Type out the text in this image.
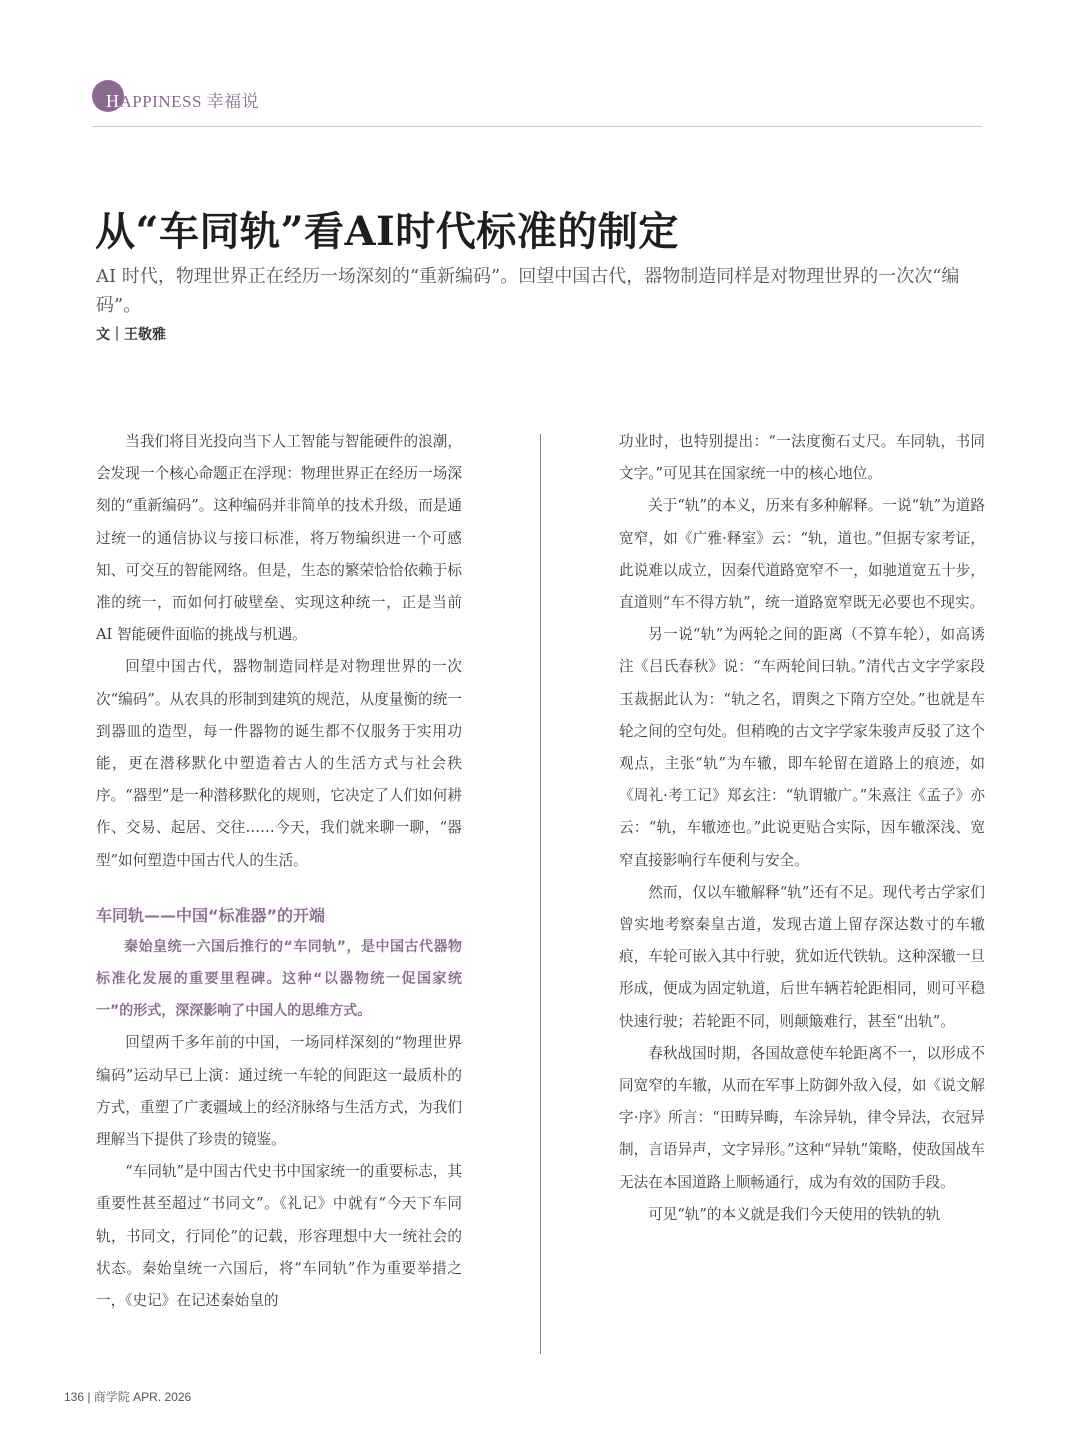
HAPPINESS 幸福说
从“车同轨”看AI时代标准的制定
AI 时代，物理世界正在经历一场深刻的“重新编码”。回望中国古代，器物制造同样是对物理世界的一次次“编码”。
文｜王敬雅

当我们将目光投向当下人工智能与智能硬件的浪潮，会发现一个核心命题正在浮现：物理世界正在经历一场深刻的“重新编码”。这种编码并非简单的技术升级，而是通过统一的通信协议与接口标准，将万物编织进一个可感知、可交互的智能网络。但是，生态的繁荣恰恰依赖于标准的统一，而如何打破壁垒、实现这种统一，正是当前 AI 智能硬件面临的挑战与机遇。

回望中国古代，器物制造同样是对物理世界的一次次“编码”。从农具的形制到建筑的规范，从度量衡的统一到器皿的造型，每一件器物的诞生都不仅服务于实用功能，更在潜移默化中塑造着古人的生活方式与社会秩序。“器型”是一种潜移默化的规则，它决定了人们如何耕作、交易、起居、交往……今天，我们就来聊一聊，“器型”如何塑造中国古代人的生活。

车同轨——中国“标准器”的开端

秦始皇统一六国后推行的“车同轨”，是中国古代器物标准化发展的重要里程碑。这种“以器物统一促国家统一”的形式，深深影响了中国人的思维方式。

回望两千多年前的中国，一场同样深刻的“物理世界编码”运动早已上演：通过统一车轮的间距这一最质朴的方式，重塑了广袤疆域上的经济脉络与生活方式，为我们理解当下提供了珍贵的镜鉴。

“车同轨”是中国古代史书中国家统一的重要标志，其重要性甚至超过“书同文”。《礼记》中就有“今天下车同轨，书同文，行同伦”的记载，形容理想中大一统社会的状态。秦始皇统一六国后，将“车同轨”作为重要举措之一，《史记》在记述秦始皇的

功业时，也特别提出：“一法度衡石丈尺。车同轨，书同文字。”可见其在国家统一中的核心地位。

关于“轨”的本义，历来有多种解释。一说“轨”为道路宽窄，如《广雅·释室》云：“轨，道也。”但据专家考证，此说难以成立，因秦代道路宽窄不一，如驰道宽五十步，直道则“车不得方轨”，统一道路宽窄既无必要也不现实。

另一说“轨”为两轮之间的距离（不算车轮），如高诱注《吕氏春秋》说：“车两轮间曰轨。”清代古文字学家段玉裁据此认为：“轨之名，谓舆之下隋方空处。”也就是车轮之间的空句处。但稍晚的古文字学家朱骏声反驳了这个观点，主张“轨”为车辙，即车轮留在道路上的痕迹，如《周礼·考工记》郑玄注：“轨谓辙广。”朱熹注《孟子》亦云：“轨，车辙迹也。”此说更贴合实际，因车辙深浅、宽窄直接影响行车便利与安全。

然而，仅以车辙解释“轨”还有不足。现代考古学家们曾实地考察秦皇古道，发现古道上留存深达数寸的车辙痕，车轮可嵌入其中行驶，犹如近代铁轨。这种深辙一旦形成，便成为固定轨道，后世车辆若轮距相同，则可平稳快速行驶；若轮距不同，则颠簸难行，甚至“出轨”。

春秋战国时期，各国故意使车轮距离不一，以形成不同宽窄的车辙，从而在军事上防御外敌入侵，如《说文解字·序》所言：“田畴异畮，车涂异轨，律令异法，衣冠异制，言语异声，文字异形。”这种“异轨”策略，使敌国战车无法在本国道路上顺畅通行，成为有效的国防手段。

可见“轨”的本义就是我们今天使用的铁轨的轨

136 | 商学院 APR. 2026
